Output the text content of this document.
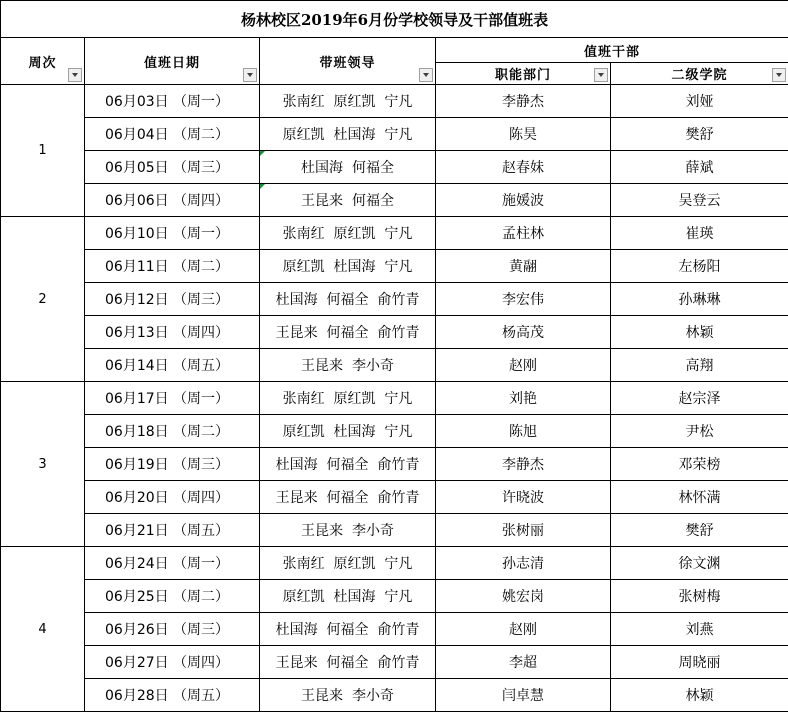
杨林校区2019年6月份学校领导及干部值班表				
周次	值班日期	带班领导	值班干部	
			职能部门	二级学院

1	06月03日 （周一）	张南红  原红凯  宁凡	李静杰	刘娅
	06月04日 （周二）	原红凯  杜国海  宁凡	陈昊	樊舒
	06月05日 （周三）	杜国海  何福全	赵春妹	薛斌
	06月06日 （周四）	王昆来  何福全	施媛波	吴登云
2	06月10日 （周一）	张南红  原红凯  宁凡	孟柱林	崔瑛
	06月11日 （周二）	原红凯  杜国海  宁凡	黄翮	左杨阳
	06月12日 （周三）	杜国海  何福全  俞竹青	李宏伟	孙琳琳
	06月13日 （周四）	王昆来  何福全  俞竹青	杨高茂	林颖
	06月14日 （周五）	王昆来  李小奇	赵刚	高翔
3	06月17日 （周一）	张南红  原红凯  宁凡	刘艳	赵宗泽
	06月18日 （周二）	原红凯  杜国海  宁凡	陈旭	尹松
	06月19日 （周三）	杜国海  何福全  俞竹青	李静杰	邓荣榜
	06月20日 （周四）	王昆来  何福全  俞竹青	许晓波	林怀满
	06月21日 （周五）	王昆来  李小奇	张树丽	樊舒
4	06月24日 （周一）	张南红  原红凯  宁凡	孙志清	徐文渊
	06月25日 （周二）	原红凯  杜国海  宁凡	姚宏岗	张树梅
	06月26日 （周三）	杜国海  何福全  俞竹青	赵刚	刘燕
	06月27日 （周四）	王昆来  何福全  俞竹青	李超	周晓丽
	06月28日 （周五）	王昆来  李小奇	闫卓慧	林颖
